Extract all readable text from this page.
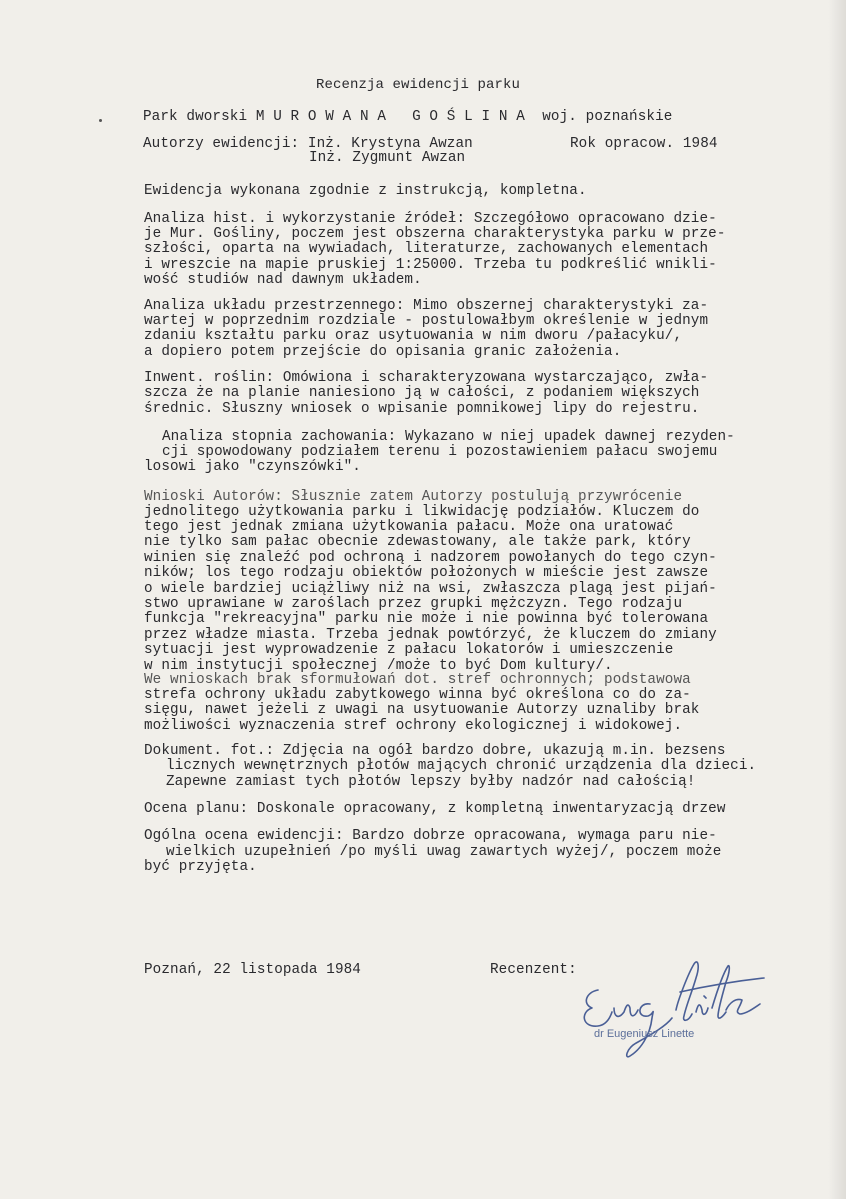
Recenzja ewidencji parku
Park dworski M U R O W A N A   G O Ś L I N A  woj. poznańskie
Autorzy ewidencji: Inż. Krystyna Awzan	Rok opracow. 1984
Inż. Zygmunt Awzan
Ewidencja wykonana zgodnie z instrukcją, kompletna.
Analiza hist. i wykorzystanie źródeł: Szczegółowo opracowano dzie-
je Mur. Gośliny, poczem jest obszerna charakterystyka parku w prze-
szłości, oparta na wywiadach, literaturze, zachowanych elementach
i wreszcie na mapie pruskiej 1:25000. Trzeba tu podkreślić wnikli-
wość studiów nad dawnym układem.
Analiza układu przestrzennego: Mimo obszernej charakterystyki za-
wartej w poprzednim rozdziale - postulowałbym określenie w jednym
zdaniu kształtu parku oraz usytuowania w nim dworu /pałacyku/,
a dopiero potem przejście do opisania granic założenia.
Inwent. roślin: Omówiona i scharakteryzowana wystarczająco, zwła-
szcza że na planie naniesiono ją w całości, z podaniem większych
średnic. Słuszny wniosek o wpisanie pomnikowej lipy do rejestru.
Analiza stopnia zachowania: Wykazano w niej upadek dawnej rezyden-
cji spowodowany podziałem terenu i pozostawieniem pałacu swojemu
losowi jako "czynszówki".
Wnioski Autorów: Słusznie zatem Autorzy postulują przywrócenie
jednolitego użytkowania parku i likwidację podziałów. Kluczem do
tego jest jednak zmiana użytkowania pałacu. Może ona uratować
nie tylko sam pałac obecnie zdewastowany, ale także park, który
winien się znaleźć pod ochroną i nadzorem powołanych do tego czyn-
ników; los tego rodzaju obiektów położonych w mieście jest zawsze
o wiele bardziej uciążliwy niż na wsi, zwłaszcza plagą jest pijań-
stwo uprawiane w zaroślach przez grupki mężczyzn. Tego rodzaju
funkcja "rekreacyjna" parku nie może i nie powinna być tolerowana
przez władze miasta. Trzeba jednak powtórzyć, że kluczem do zmiany
sytuacji jest wyprowadzenie z pałacu lokatorów i umieszczenie
w nim instytucji społecznej /może to być Dom kultury/.
We wnioskach brak sformułowań dot. stref ochronnych; podstawowa
strefa ochrony układu zabytkowego winna być określona co do za-
sięgu, nawet jeżeli z uwagi na usytuowanie Autorzy uznaliby brak
możliwości wyznaczenia stref ochrony ekologicznej i widokowej.
Dokument. fot.: Zdjęcia na ogół bardzo dobre, ukazują m.in. bezsens
licznych wewnętrznych płotów mających chronić urządzenia dla dzieci.
Zapewne zamiast tych płotów lepszy byłby nadzór nad całością!
Ocena planu: Doskonale opracowany, z kompletną inwentaryzacją drzew
Ogólna ocena ewidencji: Bardzo dobrze opracowana, wymaga paru nie-
wielkich uzupełnień /po myśli uwag zawartych wyżej/, poczem może
być przyjęta.
Poznań, 22 listopada 1984	Recenzent:
dr Eugeniusz Linette
